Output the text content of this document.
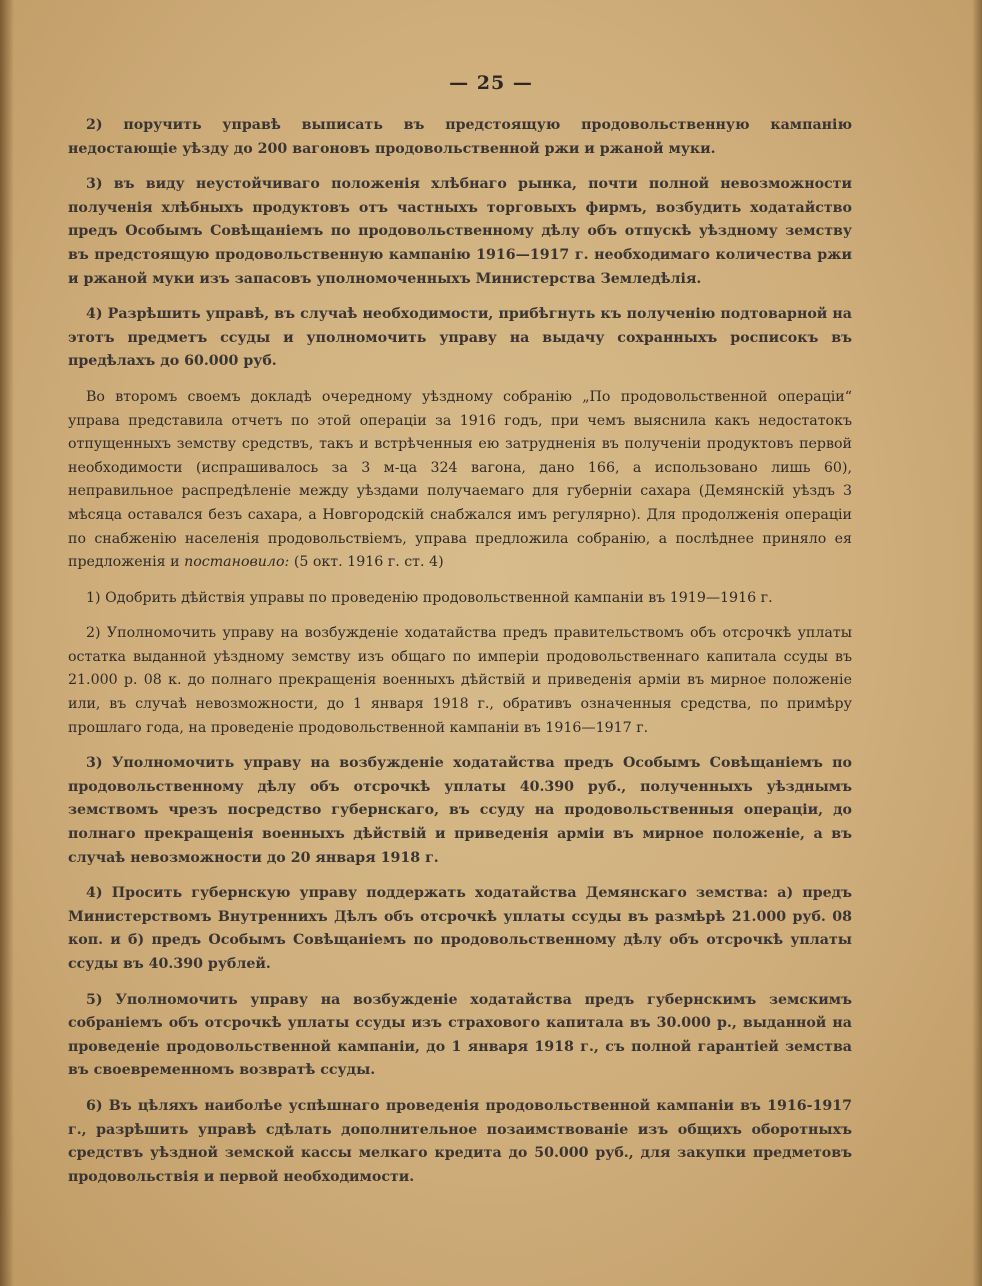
— 25 —

2) поручить управѣ выписать въ предстоящую продовольственную кампанію недостающіе уѣзду до 200 вагоновъ продовольственной ржи и ржаной муки.

3) въ виду неустойчиваго положенія хлѣбнаго рынка, почти полной невозможности полученія хлѣбныхъ продуктовъ отъ частныхъ торговыхъ фирмъ, возбудить ходатайство предъ Особымъ Совѣщаніемъ по продовольственному дѣлу объ отпускѣ уѣздному земству въ предстоящую продовольственную кампанію 1916—1917 г. необходимаго количества ржи и ржаной муки изъ запасовъ уполномоченныхъ Министерства Земледѣлія.

4) Разрѣшить управѣ, въ случаѣ необходимости, прибѣгнуть къ полученію подтоварной на этотъ предметъ ссуды и уполномочить управу на выдачу сохранныхъ росписокъ въ предѣлахъ до 60.000 руб.

Во второмъ своемъ докладѣ очередному уѣздному собранію „По продовольственной операціи“ управа представила отчетъ по этой операціи за 1916 годъ, при чемъ выяснила какъ недостатокъ отпущенныхъ земству средствъ, такъ и встрѣченныя ею затрудненія въ полученіи продуктовъ первой необходимости (испрашивалось за 3 м-ца 324 вагона, дано 166, а использовано лишь 60), неправильное распредѣленіе между уѣздами получаемаго для губерніи сахара (Демянскій уѣздъ 3 мѣсяца оставался безъ сахара, а Новгородскій снабжался имъ регулярно). Для продолженія операціи по снабженію населенія продовольствіемъ, управа предложила собранію, а послѣднее приняло ея предложенія и постановило: (5 окт. 1916 г. ст. 4)

1) Одобрить дѣйствія управы по проведенію продовольственной кампаніи въ 1919—1916 г.

2) Уполномочить управу на возбужденіе ходатайства предъ правительствомъ объ отсрочкѣ уплаты остатка выданной уѣздному земству изъ общаго по имперіи продовольственнаго капитала ссуды въ 21.000 р. 08 к. до полнаго прекращенія военныхъ дѣйствій и приведенія арміи въ мирное положеніе или, въ случаѣ невозможности, до 1 января 1918 г., обративъ означенныя средства, по примѣру прошлаго года, на проведеніе продовольственной кампаніи въ 1916—1917 г.

3) Уполномочить управу на возбужденіе ходатайства предъ Особымъ Совѣщаніемъ по продовольственному дѣлу объ отсрочкѣ уплаты 40.390 руб., полученныхъ уѣзднымъ земствомъ чрезъ посредство губернскаго, въ ссуду на продовольственныя операціи, до полнаго прекращенія военныхъ дѣйствій и приведенія арміи въ мирное положеніе, а въ случаѣ невозможности до 20 января 1918 г.

4) Просить губернскую управу поддержать ходатайства Демянскаго земства: а) предъ Министерствомъ Внутреннихъ Дѣлъ объ отсрочкѣ уплаты ссуды въ размѣрѣ 21.000 руб. 08 коп. и б) предъ Особымъ Совѣщаніемъ по продовольственному дѣлу объ отсрочкѣ уплаты ссуды въ 40.390 рублей.

5) Уполномочить управу на возбужденіе ходатайства предъ губернскимъ земскимъ собраніемъ объ отсрочкѣ уплаты ссуды изъ страхового капитала въ 30.000 р., выданной на проведеніе продовольственной кампаніи, до 1 января 1918 г., съ полной гарантіей земства въ своевременномъ возвратѣ ссуды.

6) Въ цѣляхъ наиболѣе успѣшнаго проведенія продовольственной кампаніи въ 1916-1917 г., разрѣшить управѣ сдѣлать дополнительное позаимствованіе изъ общихъ оборотныхъ средствъ уѣздной земской кассы мелкаго кредита до 50.000 руб., для закупки предметовъ продовольствія и первой необходимости.
